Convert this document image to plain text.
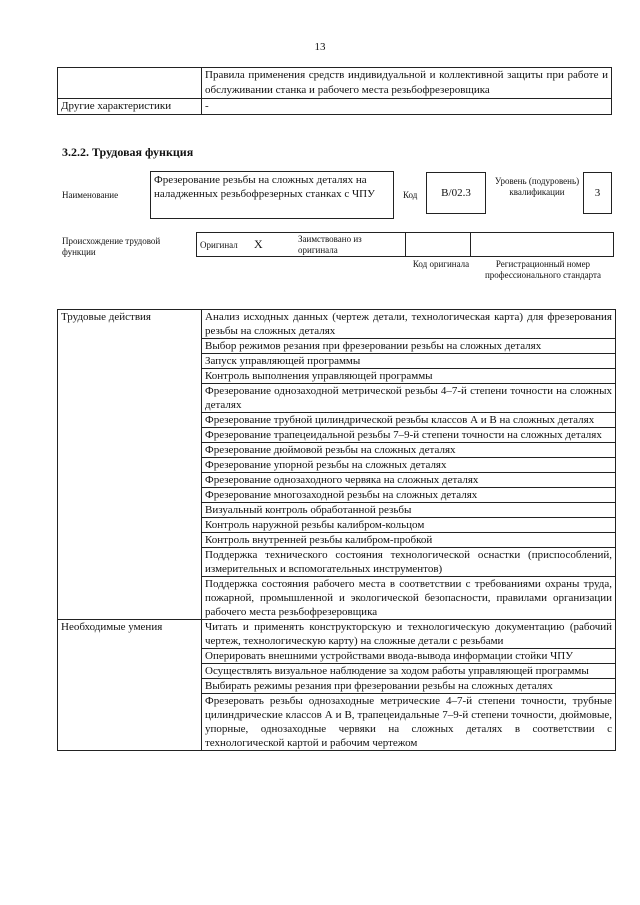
13
	Правила применения средств индивидуальной и коллективной защиты при работе и обслуживании станка и рабочего места резьбофрезеровщика
Другие характеристики	-
3.2.2. Трудовая функция
Наименование
Фрезерование резьбы на сложных деталях на наладженных резьбофрезерных станках с ЧПУ	Код	B/02.3
Уровень (подуровень) квалификации	3
Происхождение трудовой функции
Оригинал X	Заимствовано из оригинала		
Код оригинала	Регистрационный номер профессионального стандарта
Трудовые действия	Анализ исходных данных (чертеж детали, технологическая карта) для фрезерования резьбы на сложных деталях
	Выбор режимов резания при фрезеровании резьбы на сложных деталях
	Запуск управляющей программы
	Контроль выполнения управляющей программы
	Фрезерование однозаходной метрической резьбы 4–7-й степени точности на сложных деталях
	Фрезерование трубной цилиндрической резьбы классов А и В на сложных деталях
	Фрезерование трапецеидальной резьбы 7–9-й степени точности на сложных деталях
	Фрезерование дюймовой резьбы на сложных деталях
	Фрезерование упорной резьбы на сложных деталях
	Фрезерование однозаходного червяка на сложных деталях
	Фрезерование многозаходной резьбы на сложных деталях
	Визуальный контроль обработанной резьбы
	Контроль наружной резьбы калибром-кольцом
	Контроль внутренней резьбы калибром-пробкой
	Поддержка технического состояния технологической оснастки (приспособлений, измерительных и вспомогательных инструментов)
	Поддержка состояния рабочего места в соответствии с требованиями охраны труда, пожарной, промышленной и экологической безопасности, правилами организации рабочего места резьбофрезеровщика
Необходимые умения	Читать и применять конструкторскую и технологическую документацию (рабочий чертеж, технологическую карту) на сложные детали с резьбами
	Оперировать внешними устройствами ввода-вывода информации стойки ЧПУ
	Осуществлять визуальное наблюдение за ходом работы управляющей программы
	Выбирать режимы резания при фрезеровании резьбы на сложных деталях
	Фрезеровать резьбы однозаходные метрические 4–7-й степени точности, трубные цилиндрические классов А и В, трапецеидальные 7–9-й степени точности, дюймовые, упорные, однозаходные червяки на сложных деталях в соответствии с технологической картой и рабочим чертежом
